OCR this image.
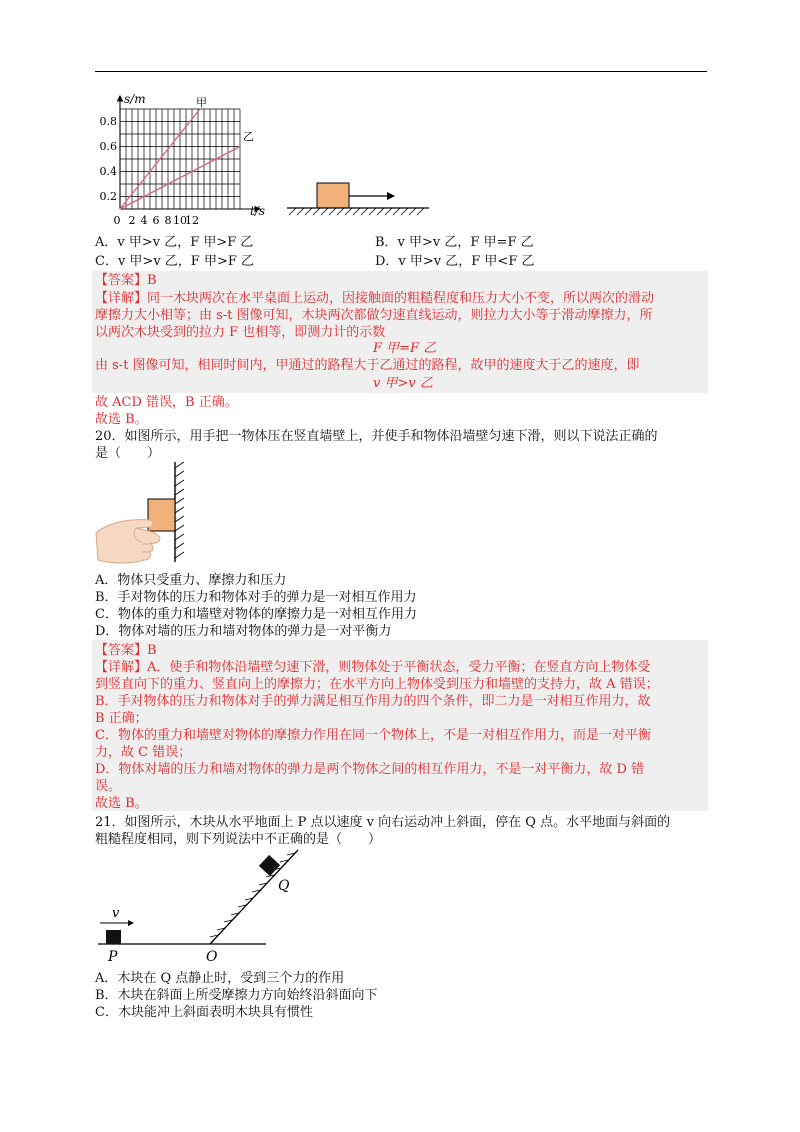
s/m	甲
乙
0.8
0.6
0.4
0.2
0 2 4 6 8 10
12
t/s
A．v 甲>v 乙，F 甲>F 乙	B．v 甲>v 乙，F 甲=F 乙
C．v 甲>v 乙，F 甲>F 乙	D．v 甲>v 乙，F 甲<F 乙
【答案】B
【详解】同一木块两次在水平桌面上运动，因接触面的粗糙程度和压力大小不变，所以两次的滑动
摩擦力大小相等；由 s-t 图像可知，木块两次都做匀速直线运动，则拉力大小等于滑动摩擦力，所
以两次木块受到的拉力 F 也相等，即测力计的示数
F 甲=F 乙
由 s-t 图像可知，相同时间内，甲通过的路程大于乙通过的路程，故甲的速度大于乙的速度，即
v 甲>v 乙
故 ACD 错误，B 正确。
故选 B。
20．如图所示，用手把一物体压在竖直墙壁上，并使手和物体沿墙壁匀速下滑，则以下说法正确的
是（　　）
A．物体只受重力、摩擦力和压力
B．手对物体的压力和物体对手的弹力是一对相互作用力
C．物体的重力和墙壁对物体的摩擦力是一对相互作用力
D．物体对墙的压力和墙对物体的弹力是一对平衡力
【答案】B
【详解】A．使手和物体沿墙壁匀速下滑，则物体处于平衡状态，受力平衡；在竖直方向上物体受
到竖直向下的重力、竖直向上的摩擦力；在水平方向上物体受到压力和墙壁的支持力，故 A 错误；
B．手对物体的压力和物体对手的弹力满足相互作用力的四个条件，即二力是一对相互作用力，故
B 正确；
C．物体的重力和墙壁对物体的摩擦力作用在同一个物体上，不是一对相互作用力，而是一对平衡
力，故 C 错误；
D．物体对墙的压力和墙对物体的弹力是两个物体之间的相互作用力，不是一对平衡力，故 D 错
误。
故选 B。
21．如图所示，木块从水平地面上 P 点以速度 v 向右运动冲上斜面，停在 Q 点。水平地面与斜面的
粗糙程度相同，则下列说法中不正确的是（　　）
v
P	O
Q
A．木块在 Q 点静止时，受到三个力的作用
B．木块在斜面上所受摩擦力方向始终沿斜面向下
C．木块能冲上斜面表明木块具有惯性
